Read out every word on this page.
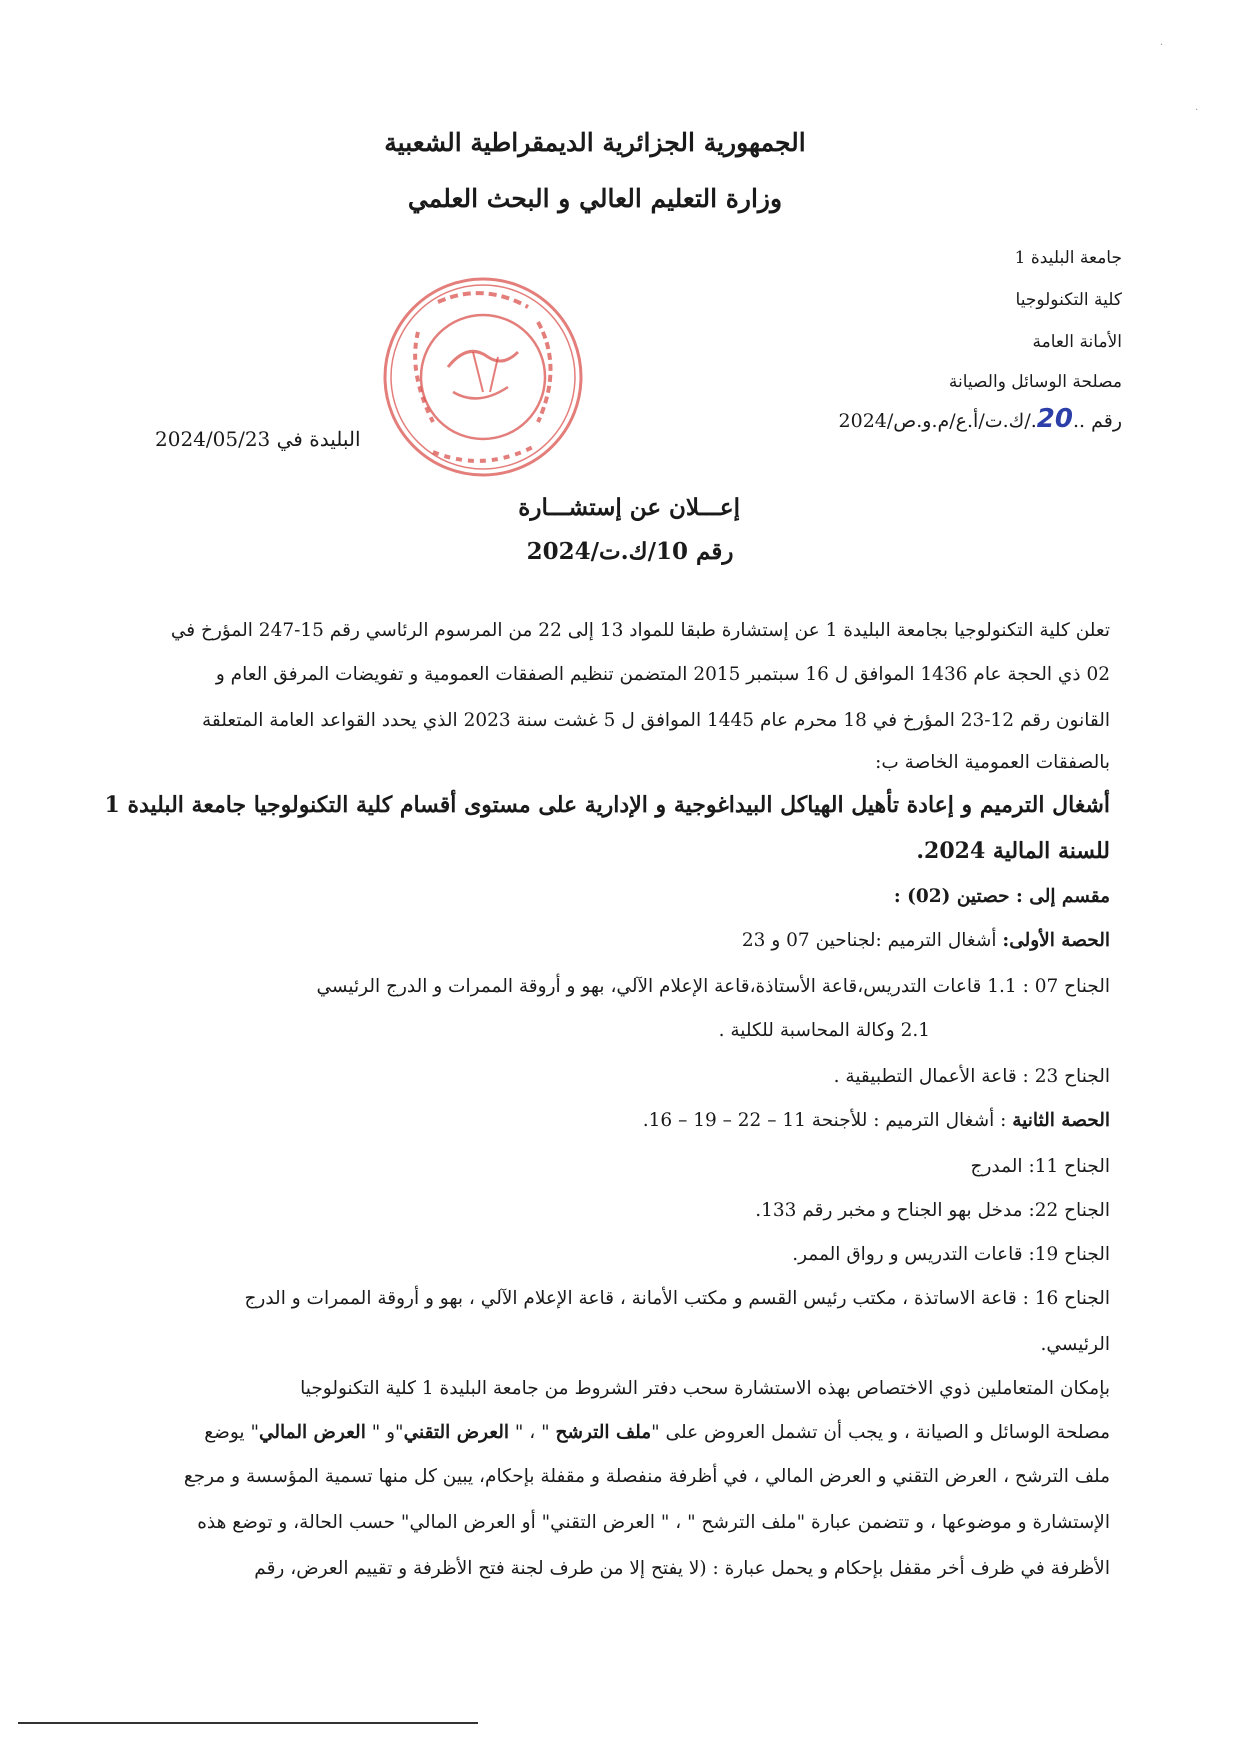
الجمهورية الجزائرية الديمقراطية الشعبية
وزارة التعليم العالي و البحث العلمي
جامعة البليدة 1
كلية التكنولوجيا
الأمانة العامة
مصلحة الوسائل والصيانة
رقم ..20./ك.ت/أ.ع/م.و.ص/2024
البليدة في 2024/05/23
إعـــلان عن إستشـــارة
رقم 10/ك.ت/2024
تعلن كلية التكنولوجيا بجامعة البليدة 1 عن إستشارة طبقا للمواد 13 إلى 22 من المرسوم الرئاسي رقم 15-247 المؤرخ في
02 ذي الحجة عام 1436 الموافق ل 16 سبتمبر 2015 المتضمن تنظيم الصفقات العمومية و تفويضات المرفق العام و
القانون رقم 12-23 المؤرخ في 18 محرم عام 1445 الموافق ل 5 غشت سنة 2023 الذي يحدد القواعد العامة المتعلقة
بالصفقات العمومية الخاصة ب:
أشغال الترميم و إعادة تأهيل الهياكل البيداغوجية و الإدارية على مستوى أقسام كلية التكنولوجيا جامعة البليدة 1
للسنة المالية 2024.
مقسم إلى : حصتين (02) :
الحصة الأولى: أشغال الترميم :لجناحين 07 و 23
الجناح 07 : 1.1 قاعات التدريس،قاعة الأستاذة،قاعة الإعلام الآلي، بهو و أروقة الممرات و الدرج الرئيسي
2.1 وكالة المحاسبة للكلية .
الجناح 23 : قاعة الأعمال التطبيقية .
الحصة الثانية : أشغال الترميم : للأجنحة 11 – 22 – 19 – 16.
الجناح 11: المدرج
الجناح 22: مدخل بهو الجناح و مخبر رقم 133.
الجناح 19: قاعات التدريس و رواق الممر.
الجناح 16 : قاعة الاساتذة ، مكتب رئيس القسم و مكتب الأمانة ، قاعة الإعلام الآلي ، بهو و أروقة الممرات و الدرج
الرئيسي.
بإمكان المتعاملين ذوي الاختصاص بهذه الاستشارة سحب دفتر الشروط من جامعة البليدة 1 كلية التكنولوجيا
مصلحة الوسائل و الصيانة ، و يجب أن تشمل العروض على "ملف الترشح " ، " العرض التقني"و " العرض المالي" يوضع
ملف الترشح ، العرض التقني و العرض المالي ، في أظرفة منفصلة و مقفلة بإحكام، يبين كل منها تسمية المؤسسة و مرجع
الإستشارة و موضوعها ، و تتضمن عبارة "ملف الترشح " ، " العرض التقني" أو العرض المالي" حسب الحالة، و توضع هذه
الأظرفة في ظرف أخر مقفل بإحكام و يحمل عبارة : (لا يفتح إلا من طرف لجنة فتح الأظرفة و تقييم العرض، رقم
·
·
